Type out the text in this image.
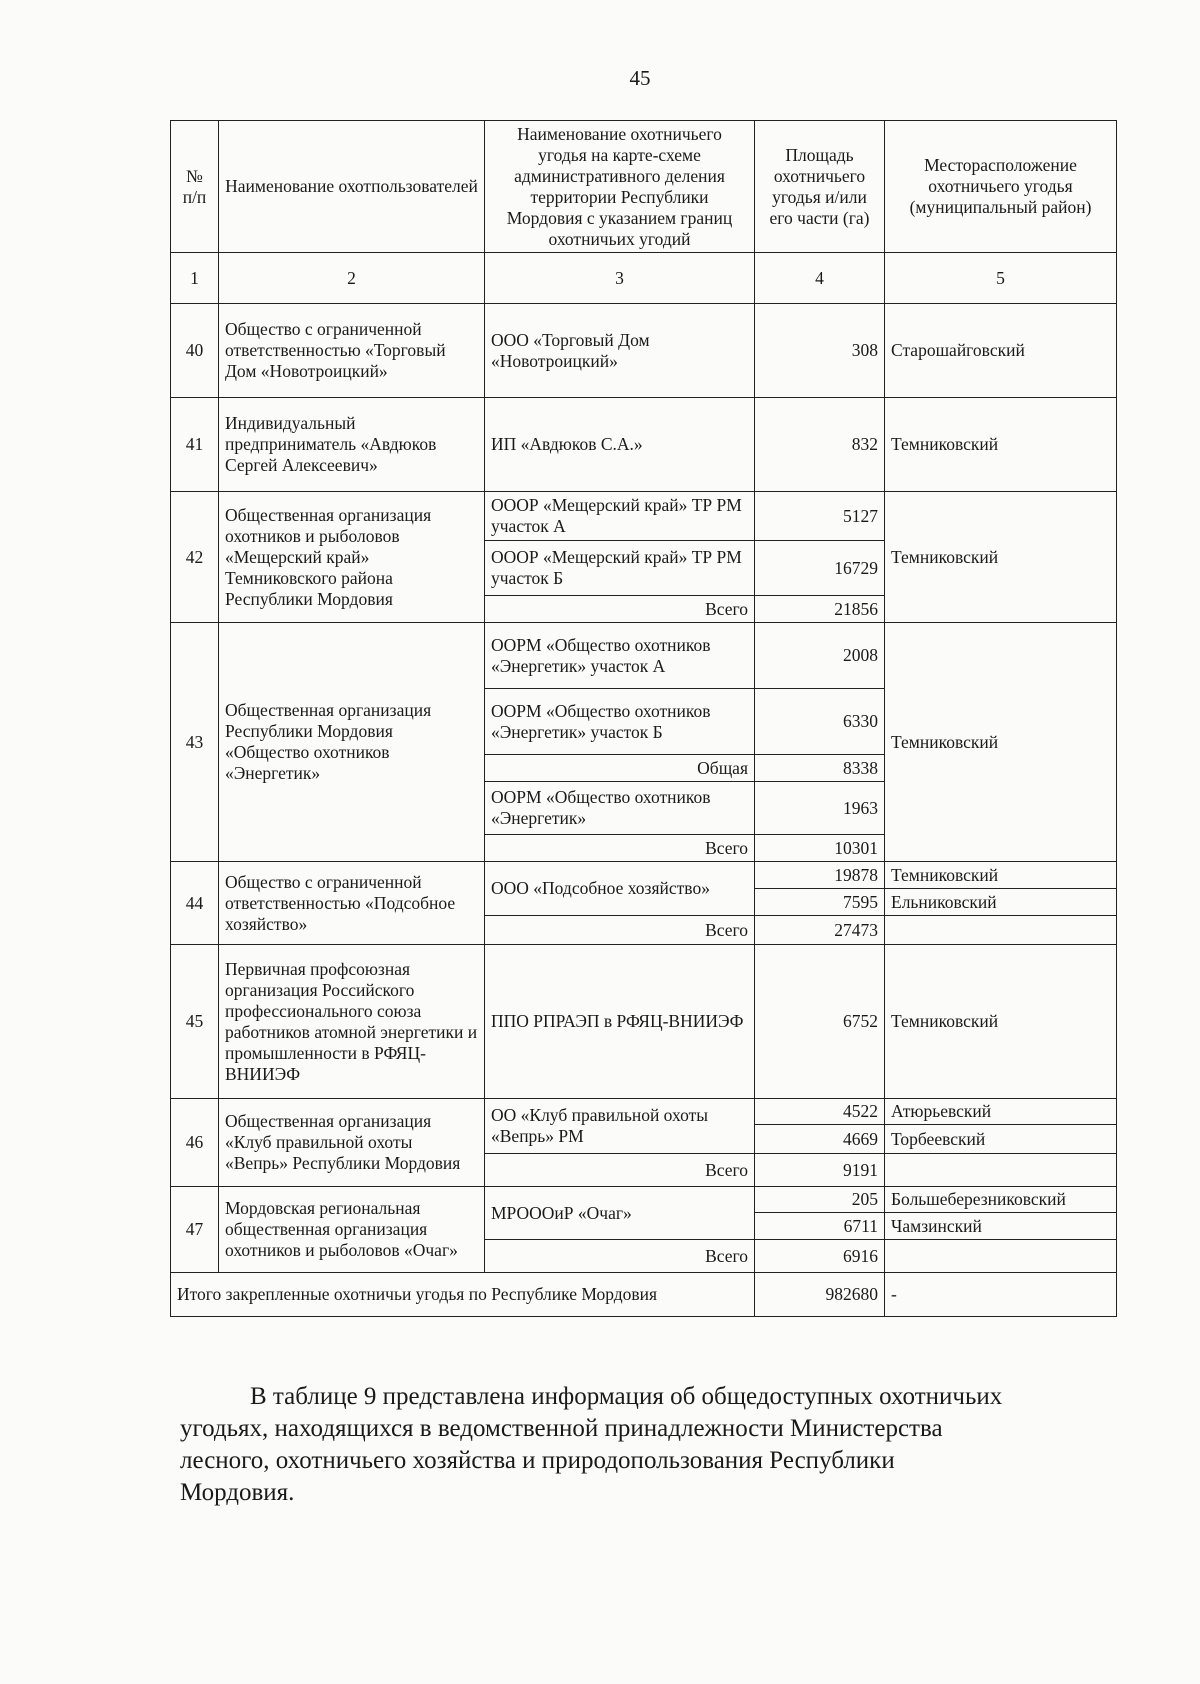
45
№ п/п	Наименование охотпользователей	Наименование охотничьего угодья на карте-схеме административного деления территории Республики Мордовия с указанием границ охотничьих угодий	Площадь охотничьего угодья и/или его части (га)	Месторасположение охотничьего угодья (муниципальный район)
1	2	3	4	5
40	Общество с ограниченной ответственностью «Торговый Дом «Новотроицкий»	ООО «Торговый Дом «Новотроицкий»	308	Старошайговский
41	Индивидуальный предприниматель «Авдюков Сергей Алексеевич»	ИП «Авдюков С.А.»	832	Темниковский
42	Общественная организация охотников и рыболовов «Мещерский край» Темниковского района Республики Мордовия	ОООР «Мещерский край» ТР РМ участок А	5127	Темниковский
		ОООР «Мещерский край» ТР РМ участок Б	16729	
		Всего	21856	
43	Общественная организация Республики Мордовия «Общество охотников «Энергетик»	ООРМ «Общество охотников «Энергетик» участок А	2008	Темниковский
		ООРМ «Общество охотников «Энергетик» участок Б	6330	
		Общая	8338	
		ООРМ «Общество охотников «Энергетик»	1963	
		Всего	10301	
44	Общество с ограниченной ответственностью «Подсобное хозяйство»	ООО «Подсобное хозяйство»	19878	Темниковский
			7595	Ельниковский
		Всего	27473	
45	Первичная профсоюзная организация Российского профессионального союза работников атомной энергетики и промышленности в РФЯЦ-ВНИИЭФ	ППО РПРАЭП в РФЯЦ-ВНИИЭФ	6752	Темниковский
46	Общественная организация «Клуб правильной охоты «Вепрь» Республики Мордовия	ОО «Клуб правильной охоты «Вепрь» РМ	4522	Атюрьевский
			4669	Торбеевский
		Всего	9191	
47	Мордовская региональная общественная организация охотников и рыболовов «Очаг»	МРОООиР «Очаг»	205	Большеберезниковский
			6711	Чамзинский
		Всего	6916	
Итого закрепленные охотничьи угодья по Республике Мордовия			982680	-
В таблице 9 представлена информация об общедоступных охотничьих
угодьях, находящихся в ведомственной принадлежности Министерства
лесного, охотничьего хозяйства и природопользования Республики
Мордовия.
